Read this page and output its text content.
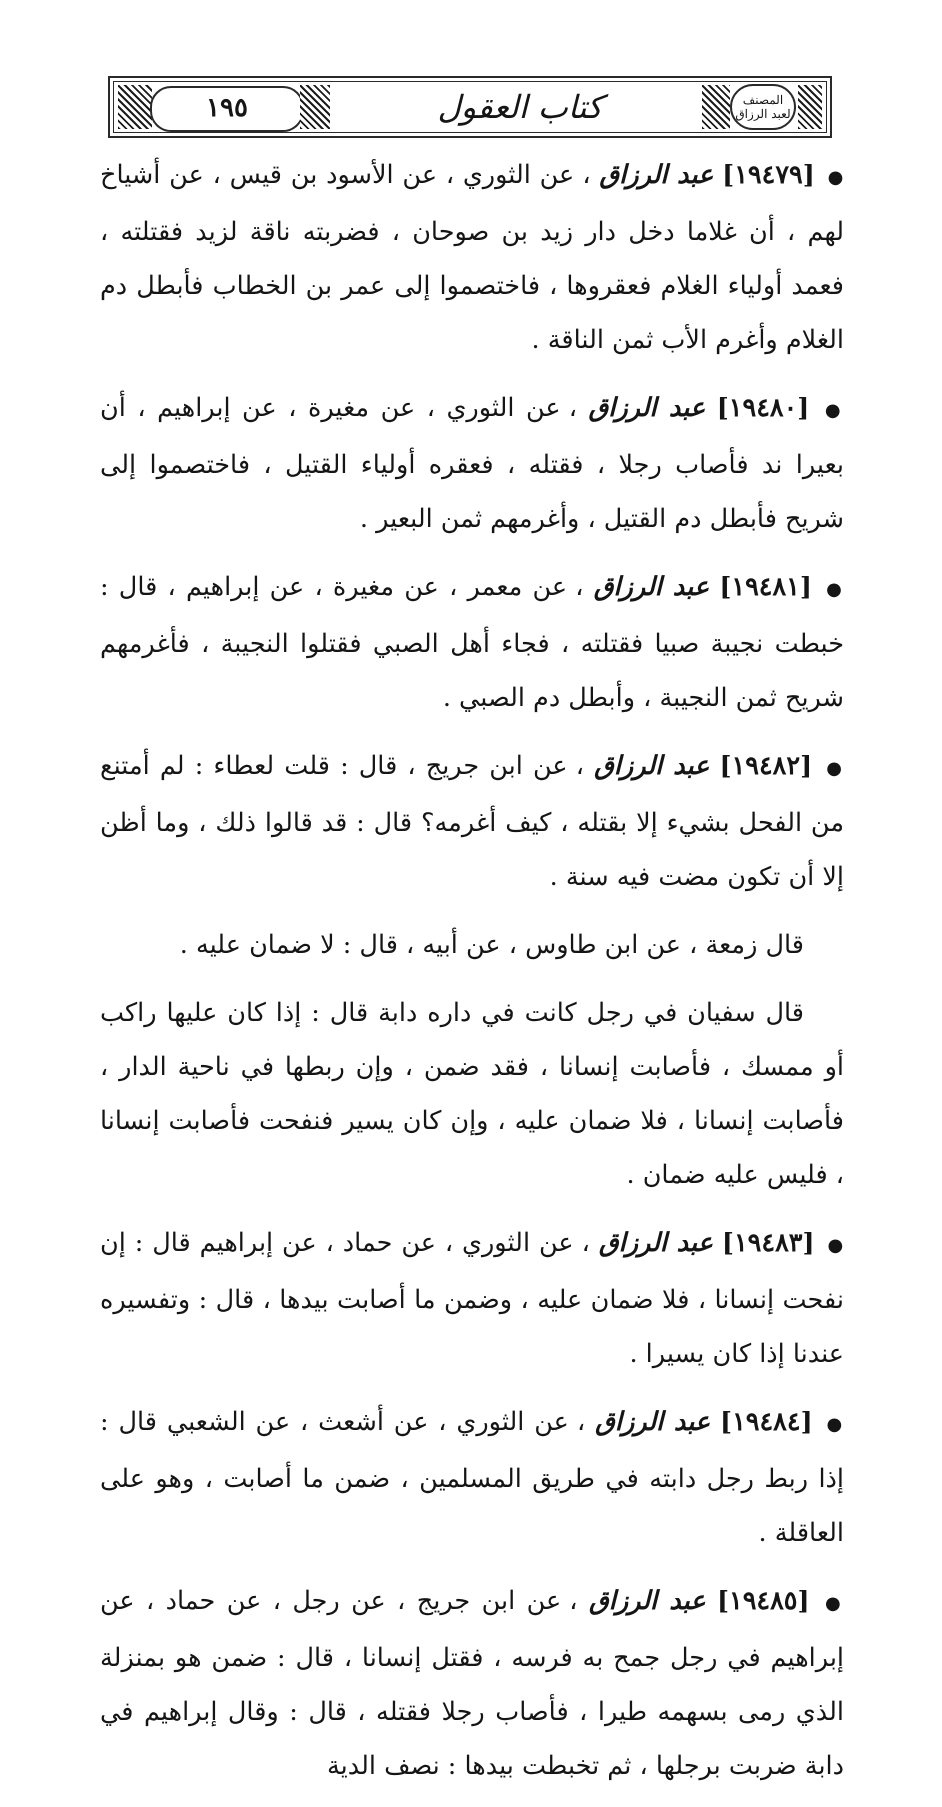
١٩٥	كتاب العقول	المصنف لعبد الرزاق

● [١٩٤٧٩] عبد الرزاق ، عن الثوري ، عن الأسود بن قيس ، عن أشياخ لهم ، أن غلاما دخل دار زيد بن صوحان ، فضربته ناقة لزيد فقتلته ، فعمد أولياء الغلام فعقروها ، فاختصموا إلى عمر بن الخطاب فأبطل دم الغلام وأغرم الأب ثمن الناقة .

● [١٩٤٨٠] عبد الرزاق ، عن الثوري ، عن مغيرة ، عن إبراهيم ، أن بعيرا ند فأصاب رجلا ، فقتله ، فعقره أولياء القتيل ، فاختصموا إلى شريح فأبطل دم القتيل ، وأغرمهم ثمن البعير .

● [١٩٤٨١] عبد الرزاق ، عن معمر ، عن مغيرة ، عن إبراهيم ، قال : خبطت نجيبة صبيا فقتلته ، فجاء أهل الصبي فقتلوا النجيبة ، فأغرمهم شريح ثمن النجيبة ، وأبطل دم الصبي .

● [١٩٤٨٢] عبد الرزاق ، عن ابن جريج ، قال : قلت لعطاء : لم أمتنع من الفحل بشيء إلا بقتله ، كيف أغرمه؟ قال : قد قالوا ذلك ، وما أظن إلا أن تكون مضت فيه سنة .

قال زمعة ، عن ابن طاوس ، عن أبيه ، قال : لا ضمان عليه .

قال سفيان في رجل كانت في داره دابة قال : إذا كان عليها راكب أو ممسك ، فأصابت إنسانا ، فقد ضمن ، وإن ربطها في ناحية الدار ، فأصابت إنسانا ، فلا ضمان عليه ، وإن كان يسير فنفحت فأصابت إنسانا ، فليس عليه ضمان .

● [١٩٤٨٣] عبد الرزاق ، عن الثوري ، عن حماد ، عن إبراهيم قال : إن نفحت إنسانا ، فلا ضمان عليه ، وضمن ما أصابت بيدها ، قال : وتفسيره عندنا إذا كان يسيرا .

● [١٩٤٨٤] عبد الرزاق ، عن الثوري ، عن أشعث ، عن الشعبي قال : إذا ربط رجل دابته في طريق المسلمين ، ضمن ما أصابت ، وهو على العاقلة .

● [١٩٤٨٥] عبد الرزاق ، عن ابن جريج ، عن رجل ، عن حماد ، عن إبراهيم في رجل جمح به فرسه ، فقتل إنسانا ، قال : ضمن هو بمنزلة الذي رمى بسهمه طيرا ، فأصاب رجلا فقتله ، قال : وقال إبراهيم في دابة ضربت برجلها ، ثم تخبطت بيدها : نصف الدية
